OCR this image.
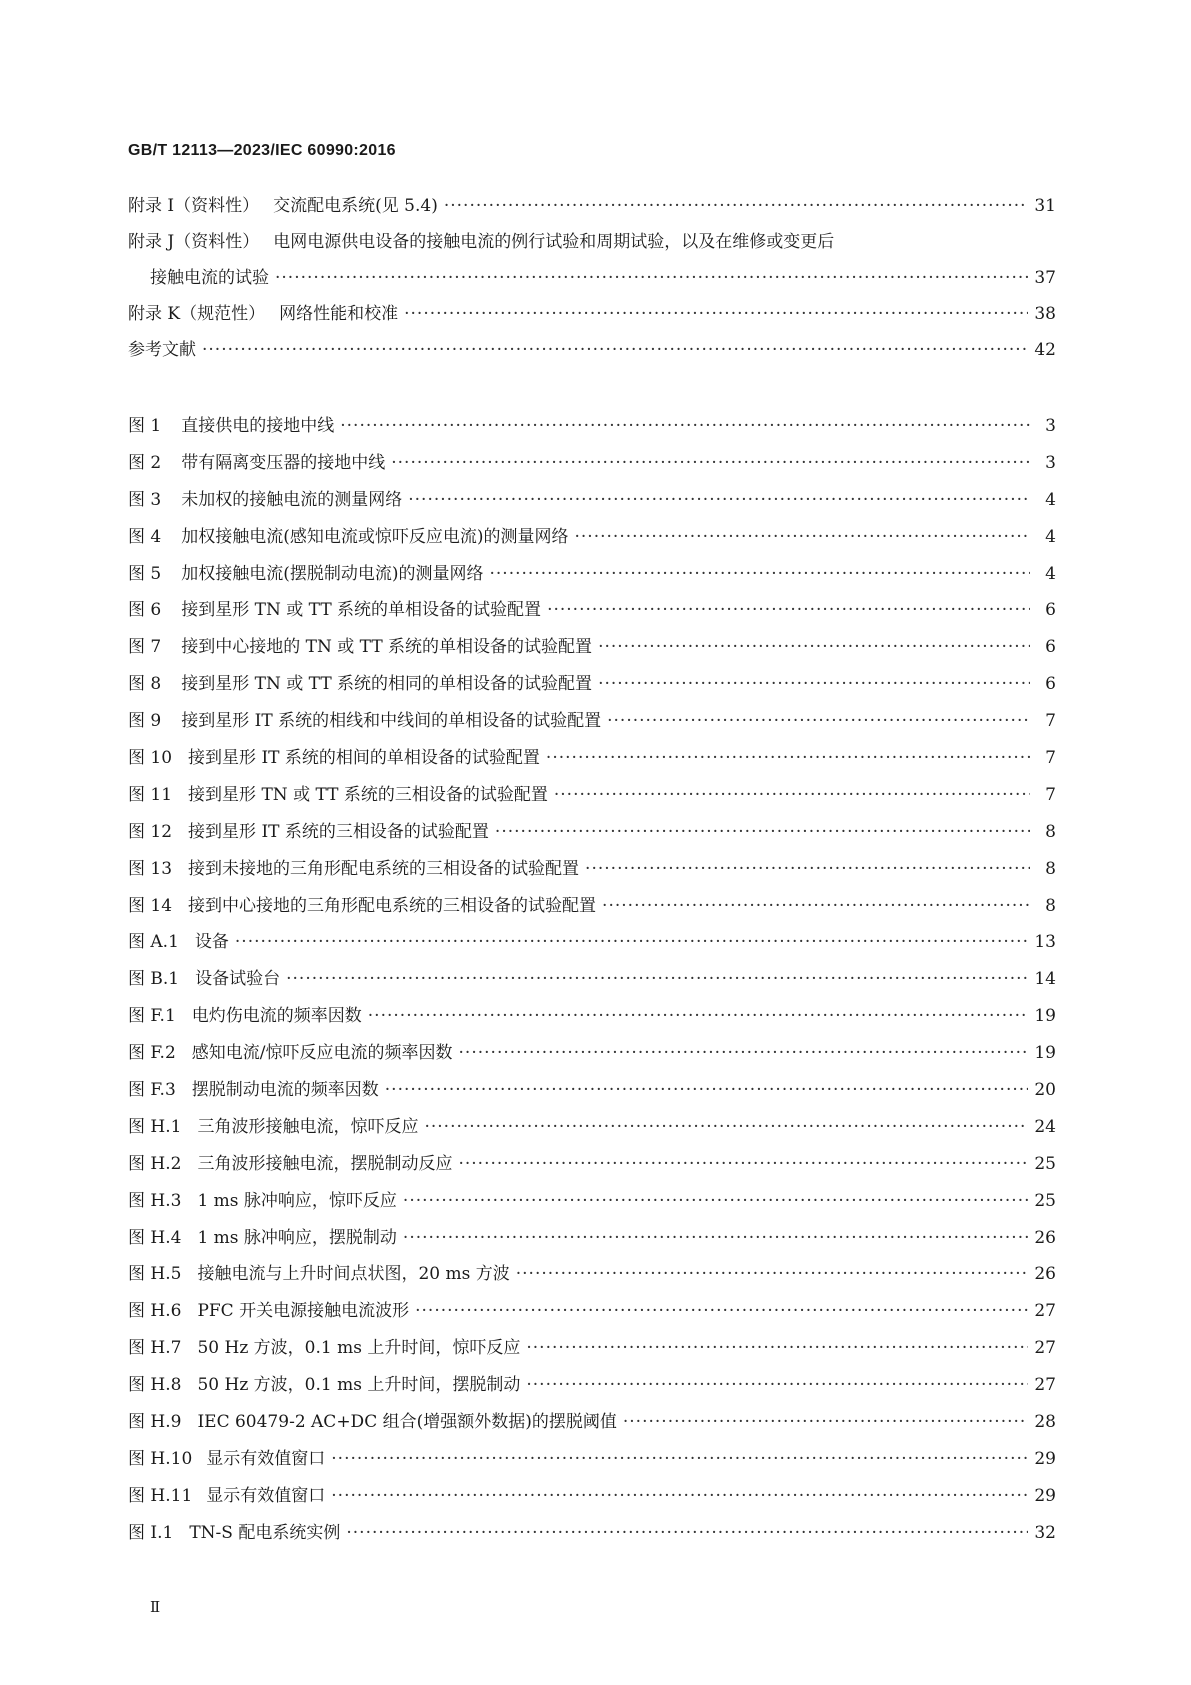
GB/T 12113—2023/IEC 60990:2016
附录 I（资料性） 交流配电系统(见 5.4) ·····	31
附录 J（资料性） 电网电源供电设备的接触电流的例行试验和周期试验，以及在维修或变更后
接触电流的试验 ·····	37
附录 K（规范性） 网络性能和校准 ·····	38
参考文献 ·····	42
图 1 直接供电的接地中线 ·····	3
图 2 带有隔离变压器的接地中线 ·····	3
图 3 未加权的接触电流的测量网络 ·····	4
图 4 加权接触电流(感知电流或惊吓反应电流)的测量网络 ·····	4
图 5 加权接触电流(摆脱制动电流)的测量网络 ·····	4
图 6 接到星形 TN 或 TT 系统的单相设备的试验配置 ·····	6
图 7 接到中心接地的 TN 或 TT 系统的单相设备的试验配置 ·····	6
图 8 接到星形 TN 或 TT 系统的相同的单相设备的试验配置 ·····	6
图 9 接到星形 IT 系统的相线和中线间的单相设备的试验配置 ·····	7
图 10 接到星形 IT 系统的相间的单相设备的试验配置 ·····	7
图 11 接到星形 TN 或 TT 系统的三相设备的试验配置 ·····	7
图 12 接到星形 IT 系统的三相设备的试验配置 ·····	8
图 13 接到未接地的三角形配电系统的三相设备的试验配置 ·····	8
图 14 接到中心接地的三角形配电系统的三相设备的试验配置 ·····	8
图 A.1 设备 ·····	13
图 B.1 设备试验台 ·····	14
图 F.1 电灼伤电流的频率因数 ·····	19
图 F.2 感知电流/惊吓反应电流的频率因数 ·····	19
图 F.3 摆脱制动电流的频率因数 ·····	20
图 H.1 三角波形接触电流，惊吓反应 ·····	24
图 H.2 三角波形接触电流，摆脱制动反应 ·····	25
图 H.3 1 ms 脉冲响应，惊吓反应 ·····	25
图 H.4 1 ms 脉冲响应，摆脱制动 ·····	26
图 H.5 接触电流与上升时间点状图，20 ms 方波 ·····	26
图 H.6 PFC 开关电源接触电流波形 ·····	27
图 H.7 50 Hz 方波，0.1 ms 上升时间，惊吓反应 ·····	27
图 H.8 50 Hz 方波，0.1 ms 上升时间，摆脱制动 ·····	27
图 H.9 IEC 60479-2 AC+DC 组合(增强额外数据)的摆脱阈值 ·····	28
图 H.10 显示有效值窗口 ·····	29
图 H.11 显示有效值窗口 ·····	29
图 I.1 TN-S 配电系统实例 ·····	32
Ⅱ
